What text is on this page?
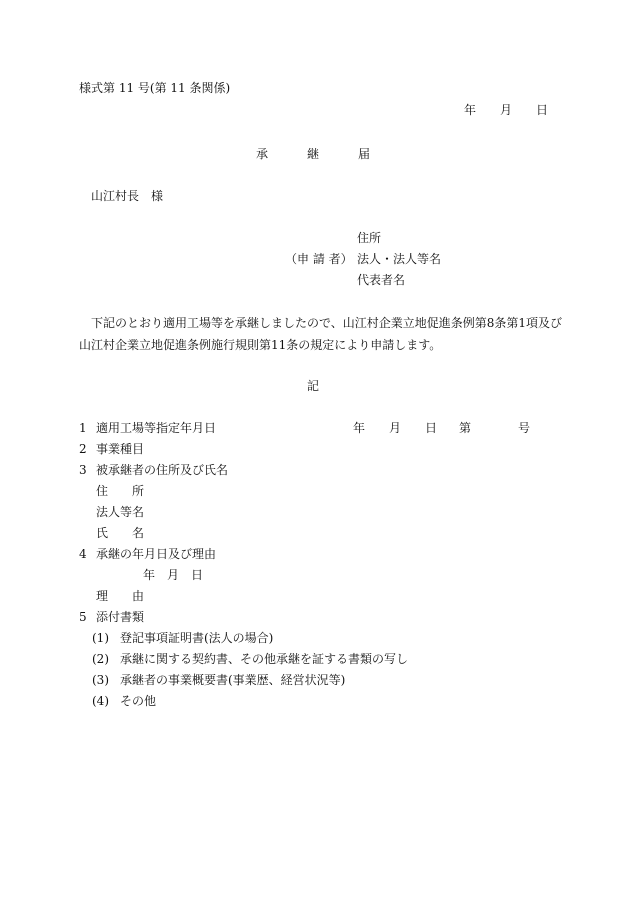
様式第 11 号(第 11 条関係)
年 月 日
承	継	届
山江村長　様
住所
（申 請 者） 法人・法人等名
代表者名
下記のとおり適用工場等を承継しましたので、山江村企業立地促進条例第8条第1項及び
山江村企業立地促進条例施行規則第11条の規定により申請します。
記
1 適用工場等指定年月日	年 月 日 第	号
2 事業種目
3 被承継者の住所及び氏名
住　　所
法人等名
氏　　名
4 承継の年月日及び理由
年 月 日
理　　由
5 添付書類
(1) 登記事項証明書(法人の場合)
(2) 承継に関する契約書、その他承継を証する書類の写し
(3) 承継者の事業概要書(事業歴、経営状況等)
(4) その他
